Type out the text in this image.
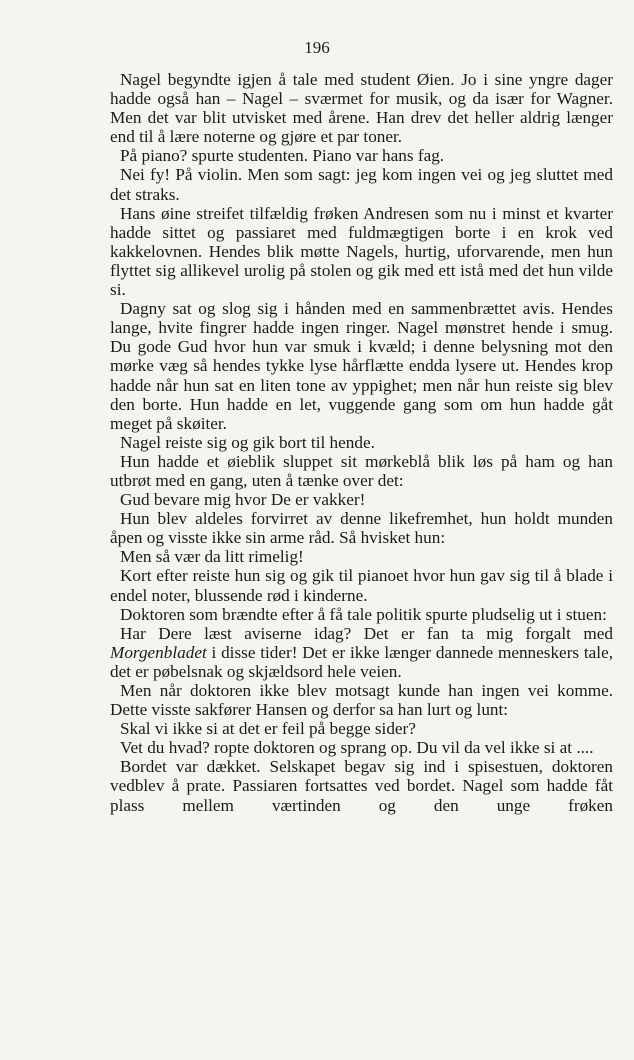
196

Nagel begyndte igjen å tale med student Øien. Jo i sine yngre dager hadde også han – Nagel – sværmet for musik, og da især for Wagner. Men det var blit utvisket med årene. Han drev det heller aldrig længer end til å lære noterne og gjøre et par toner.

På piano? spurte studenten. Piano var hans fag.

Nei fy! På violin. Men som sagt: jeg kom ingen vei og jeg sluttet med det straks.

Hans øine streifet tilfældig frøken Andresen som nu i minst et kvarter hadde sittet og passiaret med fuldmægtigen borte i en krok ved kakkelovnen. Hendes blik møtte Nagels, hurtig, uforvarende, men hun flyttet sig allikevel urolig på stolen og gik med ett istå med det hun vilde si.

Dagny sat og slog sig i hånden med en sammenbrættet avis. Hendes lange, hvite fingrer hadde ingen ringer. Nagel mønstret hende i smug. Du gode Gud hvor hun var smuk i kvæld; i denne belysning mot den mørke væg så hendes tykke lyse hårflætte endda lysere ut. Hendes krop hadde når hun sat en liten tone av yppighet; men når hun reiste sig blev den borte. Hun hadde en let, vuggende gang som om hun hadde gåt meget på skøiter.

Nagel reiste sig og gik bort til hende.

Hun hadde et øieblik sluppet sit mørkeblå blik løs på ham og han utbrøt med en gang, uten å tænke over det:

Gud bevare mig hvor De er vakker!

Hun blev aldeles forvirret av denne likefremhet, hun holdt munden åpen og visste ikke sin arme råd. Så hvisket hun:

Men så vær da litt rimelig!

Kort efter reiste hun sig og gik til pianoet hvor hun gav sig til å blade i endel noter, blussende rød i kinderne.

Doktoren som brændte efter å få tale politik spurte pludselig ut i stuen:

Har Dere læst aviserne idag? Det er fan ta mig forgalt med Morgenbladet i disse tider! Det er ikke længer dannede menneskers tale, det er pøbelsnak og skjældsord hele veien.

Men når doktoren ikke blev motsagt kunde han ingen vei komme. Dette visste sakfører Hansen og derfor sa han lurt og lunt:

Skal vi ikke si at det er feil på begge sider?

Vet du hvad? ropte doktoren og sprang op. Du vil da vel ikke si at ....

Bordet var dækket. Selskapet begav sig ind i spisestuen, doktoren vedblev å prate. Passiaren fortsattes ved bordet. Nagel som hadde fåt plass mellem værtinden og den unge frøken
